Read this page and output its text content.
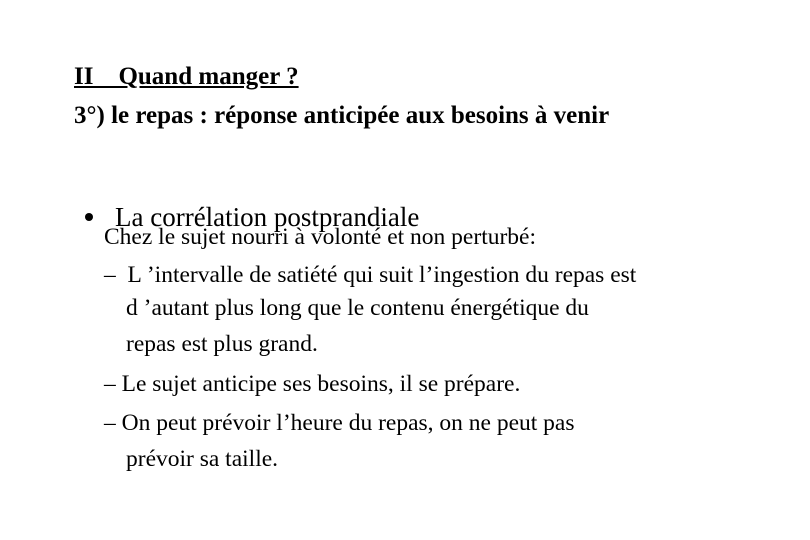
II    Quand manger ?
3°) le repas : réponse anticipée aux besoins à venir

La corrélation postprandiale

Chez le sujet nourri à volonté et non perturbé:
–  L ’intervalle de satiété qui suit l’ingestion du repas est
d ’autant plus long que le contenu énergétique du
repas est plus grand.
– Le sujet anticipe ses besoins, il se prépare.
– On peut prévoir l’heure du repas, on ne peut pas
prévoir sa taille.
